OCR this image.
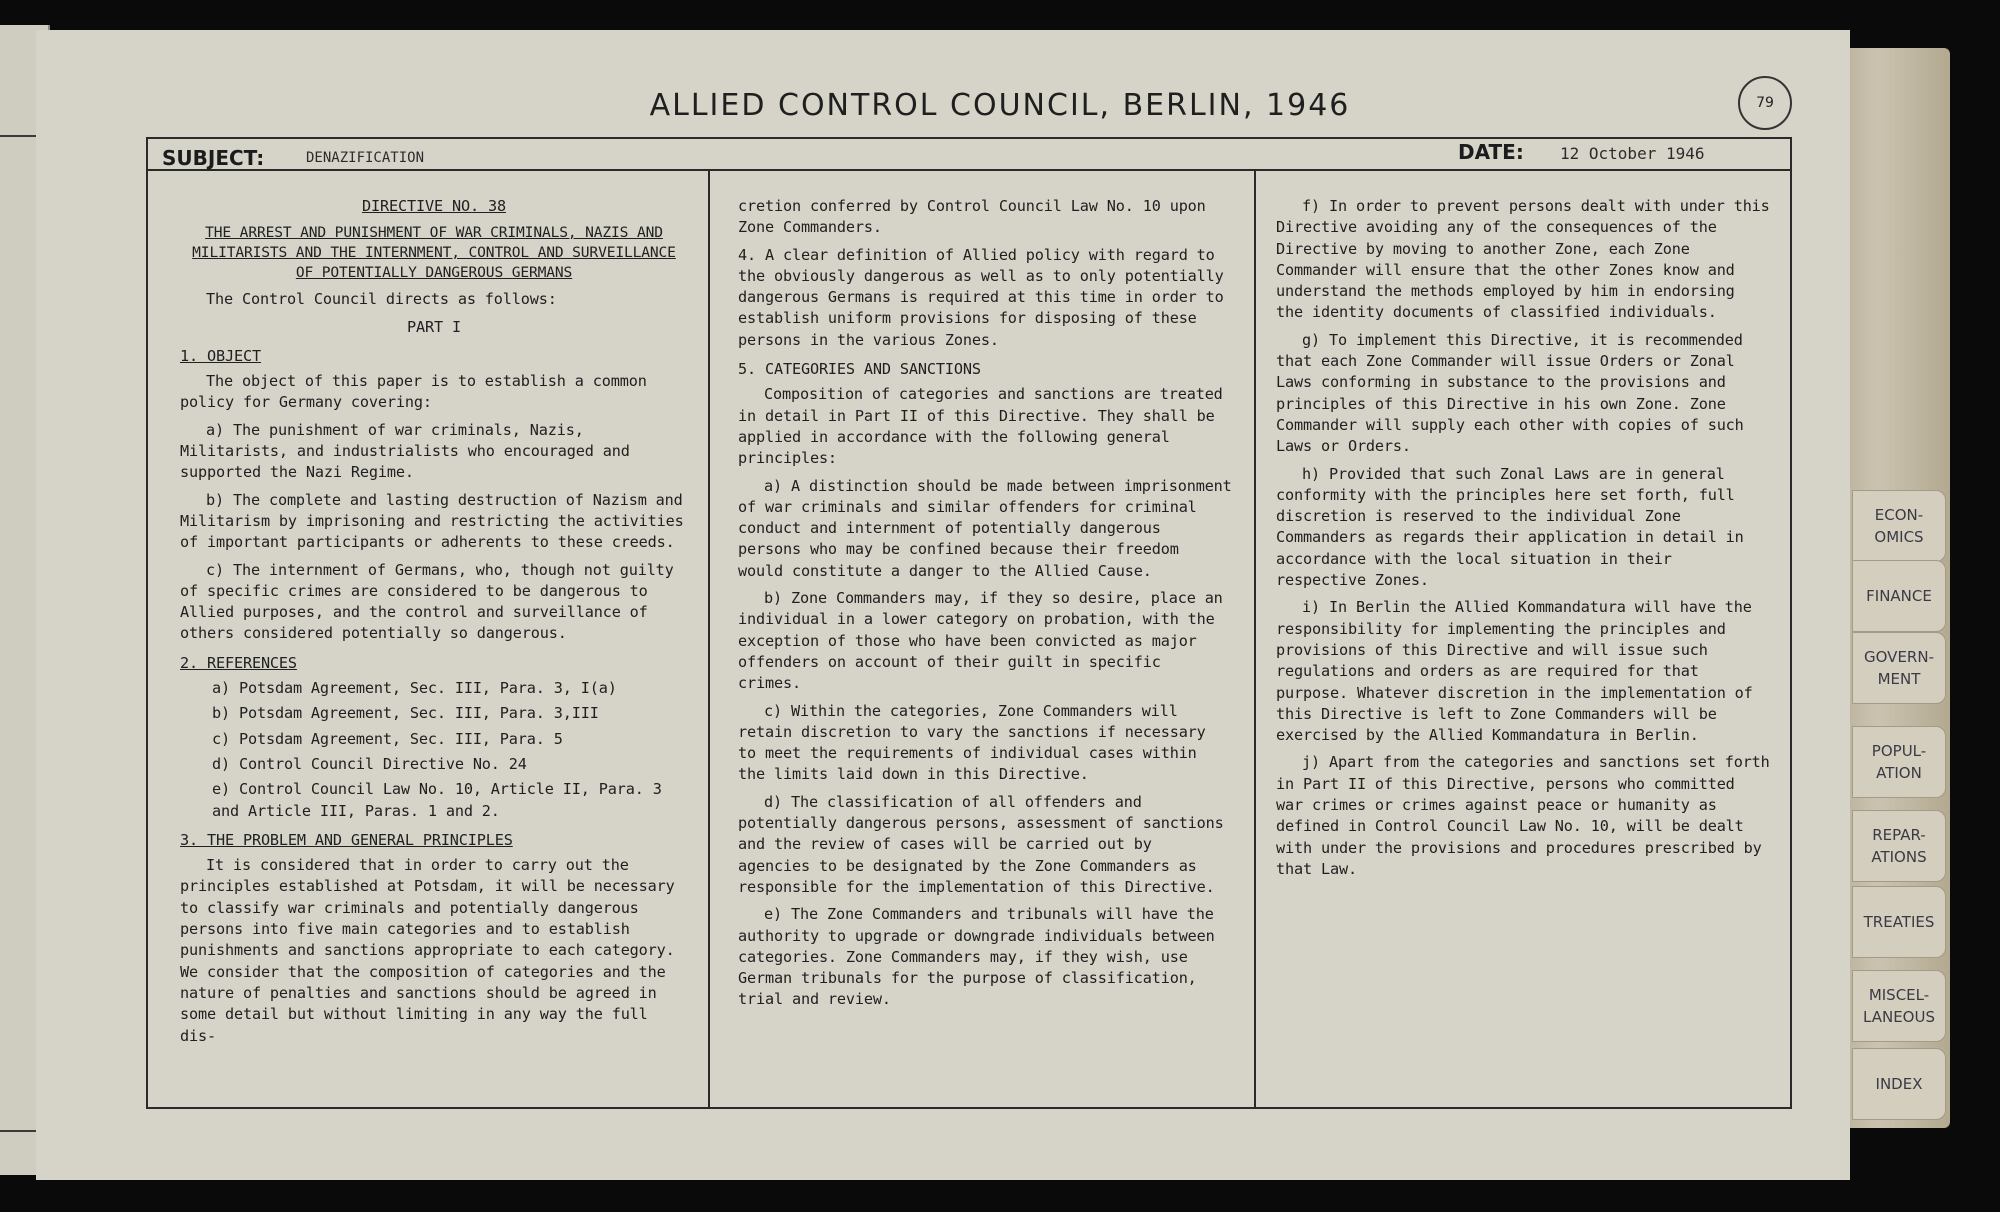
ECON-
OMICS
FINANCE
GOVERN-
MENT
POPUL-
ATION
REPAR-
ATIONS
TREATIES
MISCEL-
LANEOUS
INDEX
ALLIED CONTROL COUNCIL, BERLIN, 1946	79
SUBJECT:	DENAZIFICATION	DATE: 12 October 1946

DIRECTIVE NO. 38

THE ARREST AND PUNISHMENT OF WAR CRIMINALS, NAZIS AND MILITARISTS AND THE INTERNMENT, CONTROL AND SURVEILLANCE OF POTENTIALLY DANGEROUS GERMANS

The Control Council directs as follows:

PART I

1. OBJECT

The object of this paper is to establish a common policy for Germany covering:

a) The punishment of war criminals, Nazis, Militarists, and industrialists who encouraged and supported the Nazi Regime.

b) The complete and lasting destruction of Nazism and Militarism by imprisoning and restricting the activities of important participants or adherents to these creeds.

c) The internment of Germans, who, though not guilty of specific crimes are considered to be dangerous to Allied purposes, and the control and surveillance of others considered potentially so dangerous.

2. REFERENCES

a) Potsdam Agreement, Sec. III, Para. 3, I(a)

b) Potsdam Agreement, Sec. III, Para. 3,III

c) Potsdam Agreement, Sec. III, Para. 5

d) Control Council Directive No. 24

e) Control Council Law No. 10, Article II, Para. 3 and Article III, Paras. 1 and 2.

3. THE PROBLEM AND GENERAL PRINCIPLES

It is considered that in order to carry out the principles established at Potsdam, it will be necessary to classify war criminals and potentially dangerous persons into five main categories and to establish punishments and sanctions appropriate to each category. We consider that the composition of categories and the nature of penalties and sanctions should be agreed in some detail but without limiting in any way the full dis-

cretion conferred by Control Council Law No. 10 upon Zone Commanders.

4. A clear definition of Allied policy with regard to the obviously dangerous as well as to only potentially dangerous Germans is required at this time in order to establish uniform provisions for disposing of these persons in the various Zones.

5. CATEGORIES AND SANCTIONS

Composition of categories and sanctions are treated in detail in Part II of this Directive. They shall be applied in accordance with the following general principles:

a) A distinction should be made between imprisonment of war criminals and similar offenders for criminal conduct and internment of potentially dangerous persons who may be confined because their freedom would constitute a danger to the Allied Cause.

b) Zone Commanders may, if they so desire, place an individual in a lower category on probation, with the exception of those who have been convicted as major offenders on account of their guilt in specific crimes.

c) Within the categories, Zone Commanders will retain discretion to vary the sanctions if necessary to meet the requirements of individual cases within the limits laid down in this Directive.

d) The classification of all offenders and potentially dangerous persons, assessment of sanctions and the review of cases will be carried out by agencies to be designated by the Zone Commanders as responsible for the implementation of this Directive.

e) The Zone Commanders and tribunals will have the authority to upgrade or downgrade individuals between categories. Zone Commanders may, if they wish, use German tribunals for the purpose of classification, trial and review.

f) In order to prevent persons dealt with under this Directive avoiding any of the consequences of the Directive by moving to another Zone, each Zone Commander will ensure that the other Zones know and understand the methods employed by him in endorsing the identity documents of classified individuals.

g) To implement this Directive, it is recommended that each Zone Commander will issue Orders or Zonal Laws conforming in substance to the provisions and principles of this Directive in his own Zone. Zone Commander will supply each other with copies of such Laws or Orders.

h) Provided that such Zonal Laws are in general conformity with the principles here set forth, full discretion is reserved to the individual Zone Commanders as regards their application in detail in accordance with the local situation in their respective Zones.

i) In Berlin the Allied Kommandatura will have the responsibility for implementing the principles and provisions of this Directive and will issue such regulations and orders as are required for that purpose. Whatever discretion in the implementation of this Directive is left to Zone Commanders will be exercised by the Allied Kommandatura in Berlin.

j) Apart from the categories and sanctions set forth in Part II of this Directive, persons who committed war crimes or crimes against peace or humanity as defined in Control Council Law No. 10, will be dealt with under the provisions and procedures prescribed by that Law.
